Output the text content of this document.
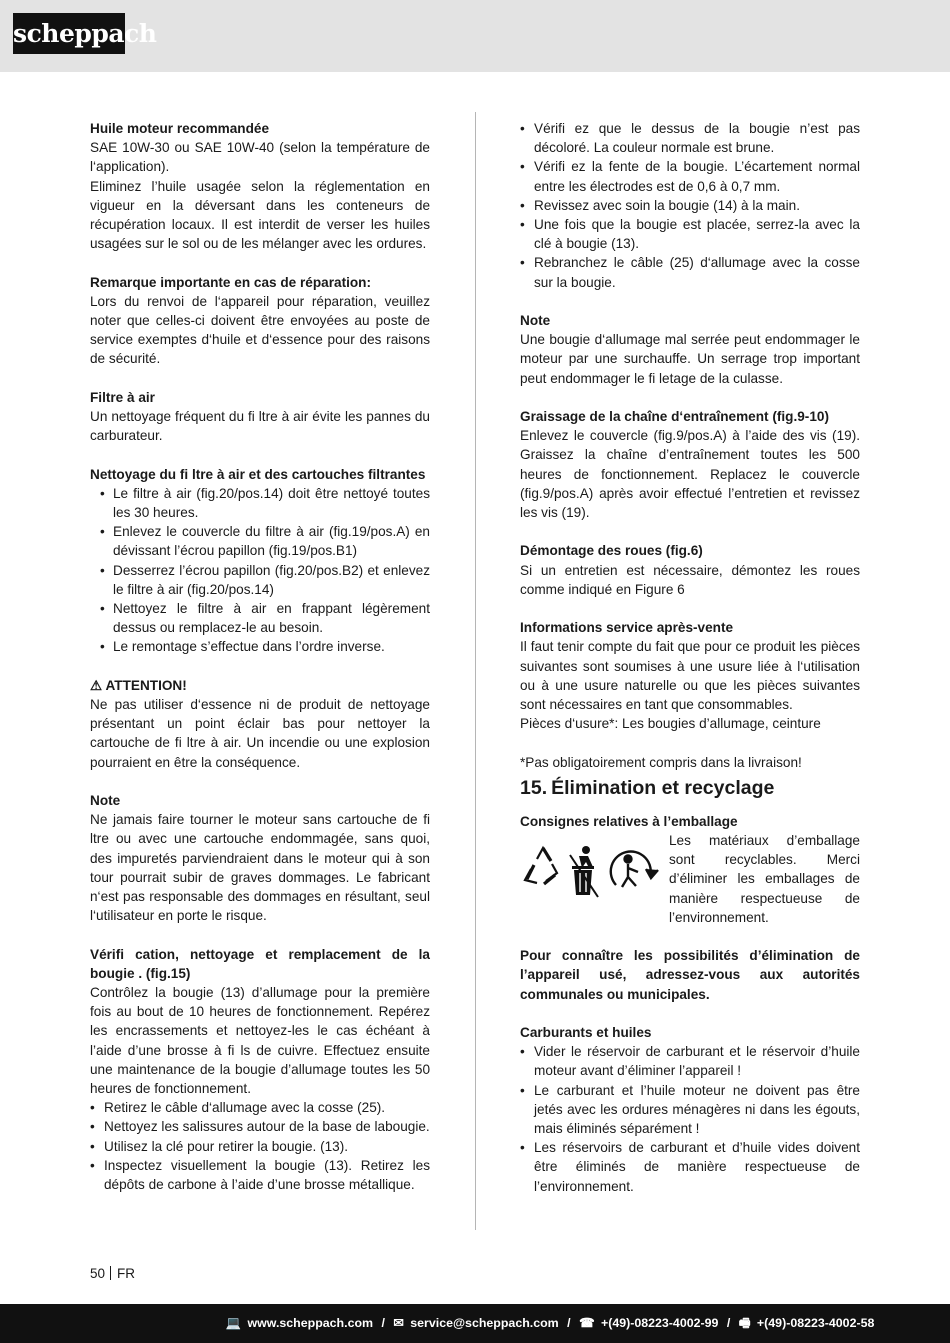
scheppach
Huile moteur recommandée
SAE 10W-30 ou SAE 10W-40 (selon la température de l‘application).
Eliminez l’huile usagée selon la réglementation en vigueur en la déversant dans les conteneurs de récupération locaux. Il est interdit de verser les huiles usagées sur le sol ou de les mélanger avec les ordures.
Remarque importante en cas de réparation:
Lors du renvoi de l‘appareil pour réparation, veuillez noter que celles-ci doivent être envoyées au poste de service exemptes d‘huile et d‘essence pour des raisons de sécurité.
Filtre à air
Un nettoyage fréquent du fi ltre à air évite les pannes du carburateur.
Nettoyage du fi ltre à air et des cartouches filtrantes
• Le filtre à air (fig.20/pos.14) doit être nettoyé toutes les 30 heures.
• Enlevez le couvercle du filtre à air (fig.19/pos.A) en dévissant l’écrou papillon (fig.19/pos.B1)
• Desserrez l’écrou papillon (fig.20/pos.B2) et enlevez le filtre à air (fig.20/pos.14)
• Nettoyez le filtre à air en frappant légèrement dessus ou remplacez-le au besoin.
• Le remontage s’effectue dans l’ordre inverse.
⚠ ATTENTION!
Ne pas utiliser d‘essence ni de produit de nettoyage présentant un point éclair bas pour nettoyer la cartouche de fi ltre à air. Un incendie ou une explosion pourraient en être la conséquence.
Note
Ne jamais faire tourner le moteur sans cartouche de fi ltre ou avec une cartouche endommagée, sans quoi, des impuretés parviendraient dans le moteur qui à son tour pourrait subir de graves dommages. Le fabricant n‘est pas responsable des dommages en résultant, seul l‘utilisateur en porte le risque.
Vérifi cation, nettoyage et remplacement de la bougie . (fig.15)
Contrôlez la bougie (13) d’allumage pour la première fois au bout de 10 heures de fonctionnement. Repérez les encrassements et nettoyez-les le cas échéant à l’aide d’une brosse à fi ls de cuivre. Effectuez ensuite une maintenance de la bougie d’allumage toutes les 50 heures de fonctionnement.
• Retirez le câble d‘allumage avec la cosse (25).
• Nettoyez les salissures autour de la base de labougie.
• Utilisez la clé pour retirer la bougie. (13).
• Inspectez visuellement la bougie (13). Retirez les dépôts de carbone à l’aide d’une brosse métallique.
• Vérifi ez que le dessus de la bougie n’est pas décoloré. La couleur normale est brune.
• Vérifi ez la fente de la bougie. L’écartement normal entre les électrodes est de 0,6 à 0,7 mm.
• Revissez avec soin la bougie (14) à la main.
• Une fois que la bougie est placée, serrez-la avec la clé à bougie (13).
• Rebranchez le câble (25) d‘allumage avec la cosse sur la bougie.
Note
Une bougie d‘allumage mal serrée peut endommager le moteur par une surchauffe. Un serrage trop important peut endommager le fi letage de la culasse.
Graissage de la chaîne d‘entraînement (fig.9-10)
Enlevez le couvercle (fig.9/pos.A) à l’aide des vis (19). Graissez la chaîne d’entraînement toutes les 500 heures de fonctionnement. Replacez le couvercle (fig.9/pos.A) après avoir effectué l’entretien et revissez les vis (19).
Démontage des roues (fig.6)
Si un entretien est nécessaire, démontez les roues comme indiqué en Figure 6
Informations service après-vente
Il faut tenir compte du fait que pour ce produit les pièces suivantes sont soumises à une usure liée à l‘utilisation ou à une usure naturelle ou que les pièces suivantes sont nécessaires en tant que consommables.
Pièces d‘usure*: Les bougies d’allumage, ceinture
*Pas obligatoirement compris dans la livraison!
15. Élimination et recyclage
Consignes relatives à l’emballage
Les matériaux d’emballage sont recyclables. Merci d’éliminer les emballages de manière respectueuse de l’environnement.
Pour connaître les possibilités d’élimination de l’appareil usé, adressez-vous aux autorités communales ou municipales.
Carburants et huiles
• Vider le réservoir de carburant et le réservoir d’huile moteur avant d’éliminer l’appareil !
• Le carburant et l’huile moteur ne doivent pas être jetés avec les ordures ménagères ni dans les égouts, mais éliminés séparément !
• Les réservoirs de carburant et d’huile vides doivent être éliminés de manière respectueuse de l’environnement.
50 FR
💻 www.scheppach.com / ✉ service@scheppach.com / ☎ +(49)-08223-4002-99 / 🖷 +(49)-08223-4002-58
